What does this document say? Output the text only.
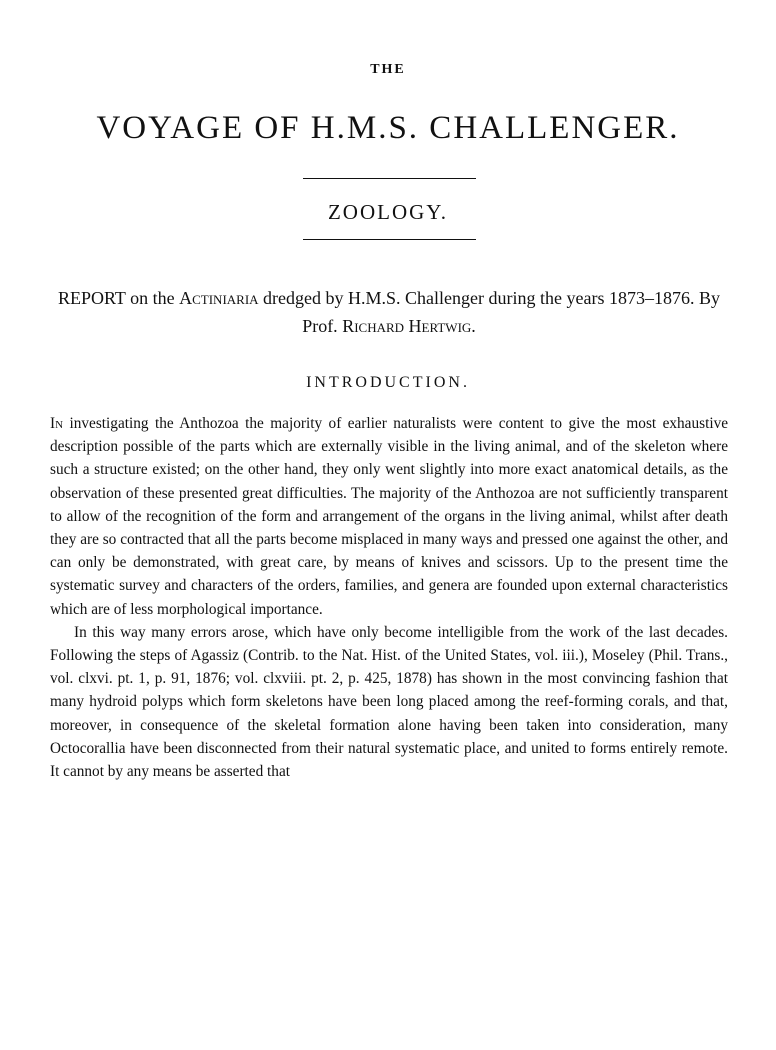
THE
VOYAGE OF H.M.S. CHALLENGER.
ZOOLOGY.
REPORT on the Actiniaria dredged by H.M.S. Challenger during the years 1873–1876. By Prof. Richard Hertwig.
INTRODUCTION.

In investigating the Anthozoa the majority of earlier naturalists were content to give the most exhaustive description possible of the parts which are externally visible in the living animal, and of the skeleton where such a structure existed; on the other hand, they only went slightly into more exact anatomical details, as the observation of these presented great difficulties. The majority of the Anthozoa are not sufficiently transparent to allow of the recognition of the form and arrangement of the organs in the living animal, whilst after death they are so contracted that all the parts become misplaced in many ways and pressed one against the other, and can only be demonstrated, with great care, by means of knives and scissors. Up to the present time the systematic survey and characters of the orders, families, and genera are founded upon external characteristics which are of less morphological importance.

In this way many errors arose, which have only become intelligible from the work of the last decades. Following the steps of Agassiz (Contrib. to the Nat. Hist. of the United States, vol. iii.), Moseley (Phil. Trans., vol. clxvi. pt. 1, p. 91, 1876; vol. clxviii. pt. 2, p. 425, 1878) has shown in the most convincing fashion that many hydroid polyps which form skeletons have been long placed among the reef-forming corals, and that, moreover, in consequence of the skeletal formation alone having been taken into consideration, many Octocorallia have been disconnected from their natural systematic place, and united to forms entirely remote. It cannot by any means be asserted that
